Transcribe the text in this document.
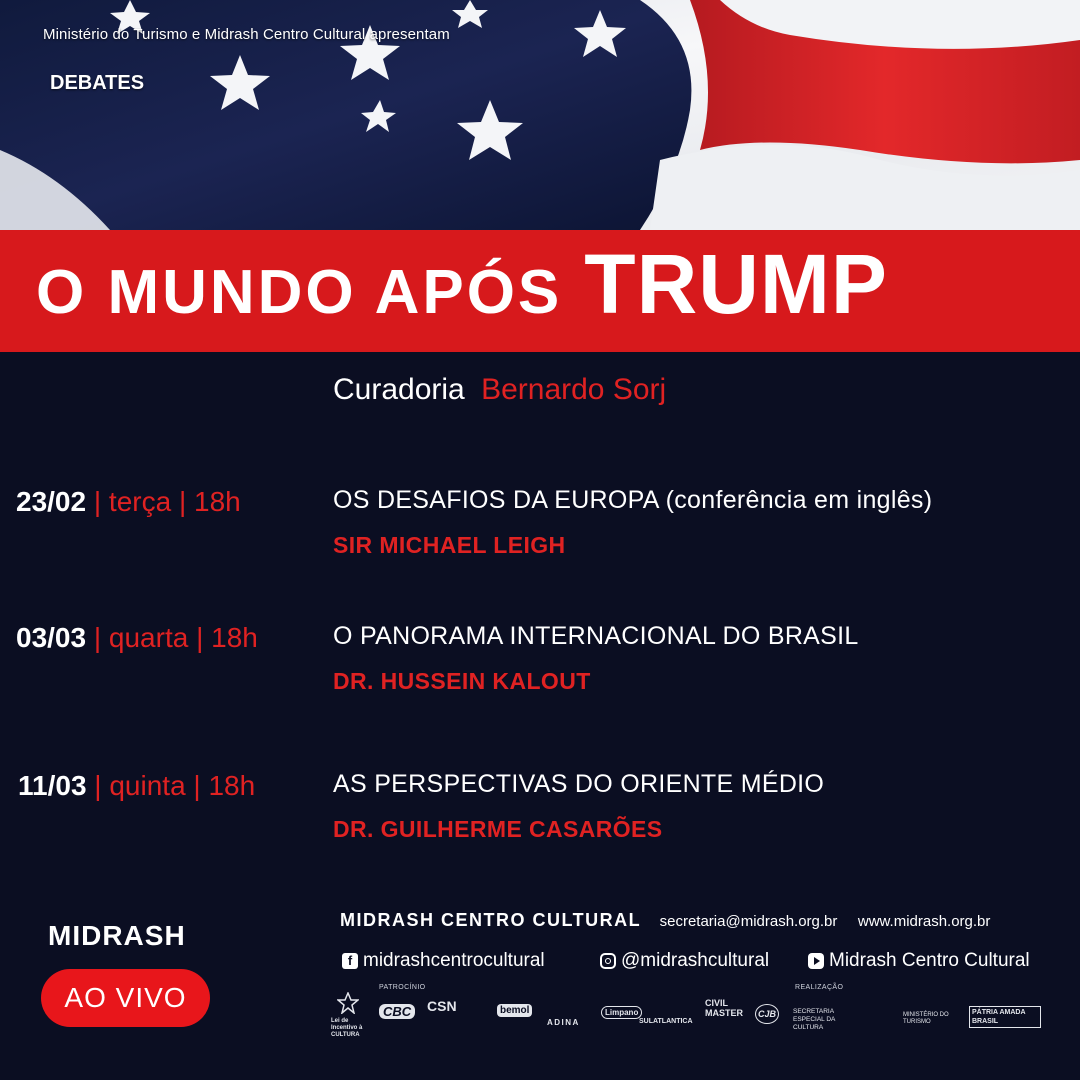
Ministério do Turismo e Midrash Centro Cultural apresentam
DEBATES
O MUNDO APÓS TRUMP
Curadoria Bernardo Sorj
23/02 | terça | 18h	OS DESAFIOS DA EUROPA (conferência em inglês)
SIR MICHAEL LEIGH
03/03 | quarta | 18h	O PANORAMA INTERNACIONAL DO BRASIL
DR. HUSSEIN KALOUT
11/03 | quinta | 18h	AS PERSPECTIVAS DO ORIENTE MÉDIO
DR. GUILHERME CASARÕES
MIDRASH
AO VIVO
MIDRASH CENTRO CULTURAL secretaria@midrash.org.br www.midrash.org.br
f midrashcentrocultural	@midrashcultural	Midrash Centro Cultural
PATROCÍNIO	REALIZAÇÃO
Lei de Incentivo à CULTURA
CBC CSN	bemol
ADINA
Limpano
SULATLANTICA
CIVIL MASTER	CJB	SECRETARIA ESPECIAL DA CULTURA
MINISTÉRIO DO TURISMO
PÁTRIA AMADA BRASIL
